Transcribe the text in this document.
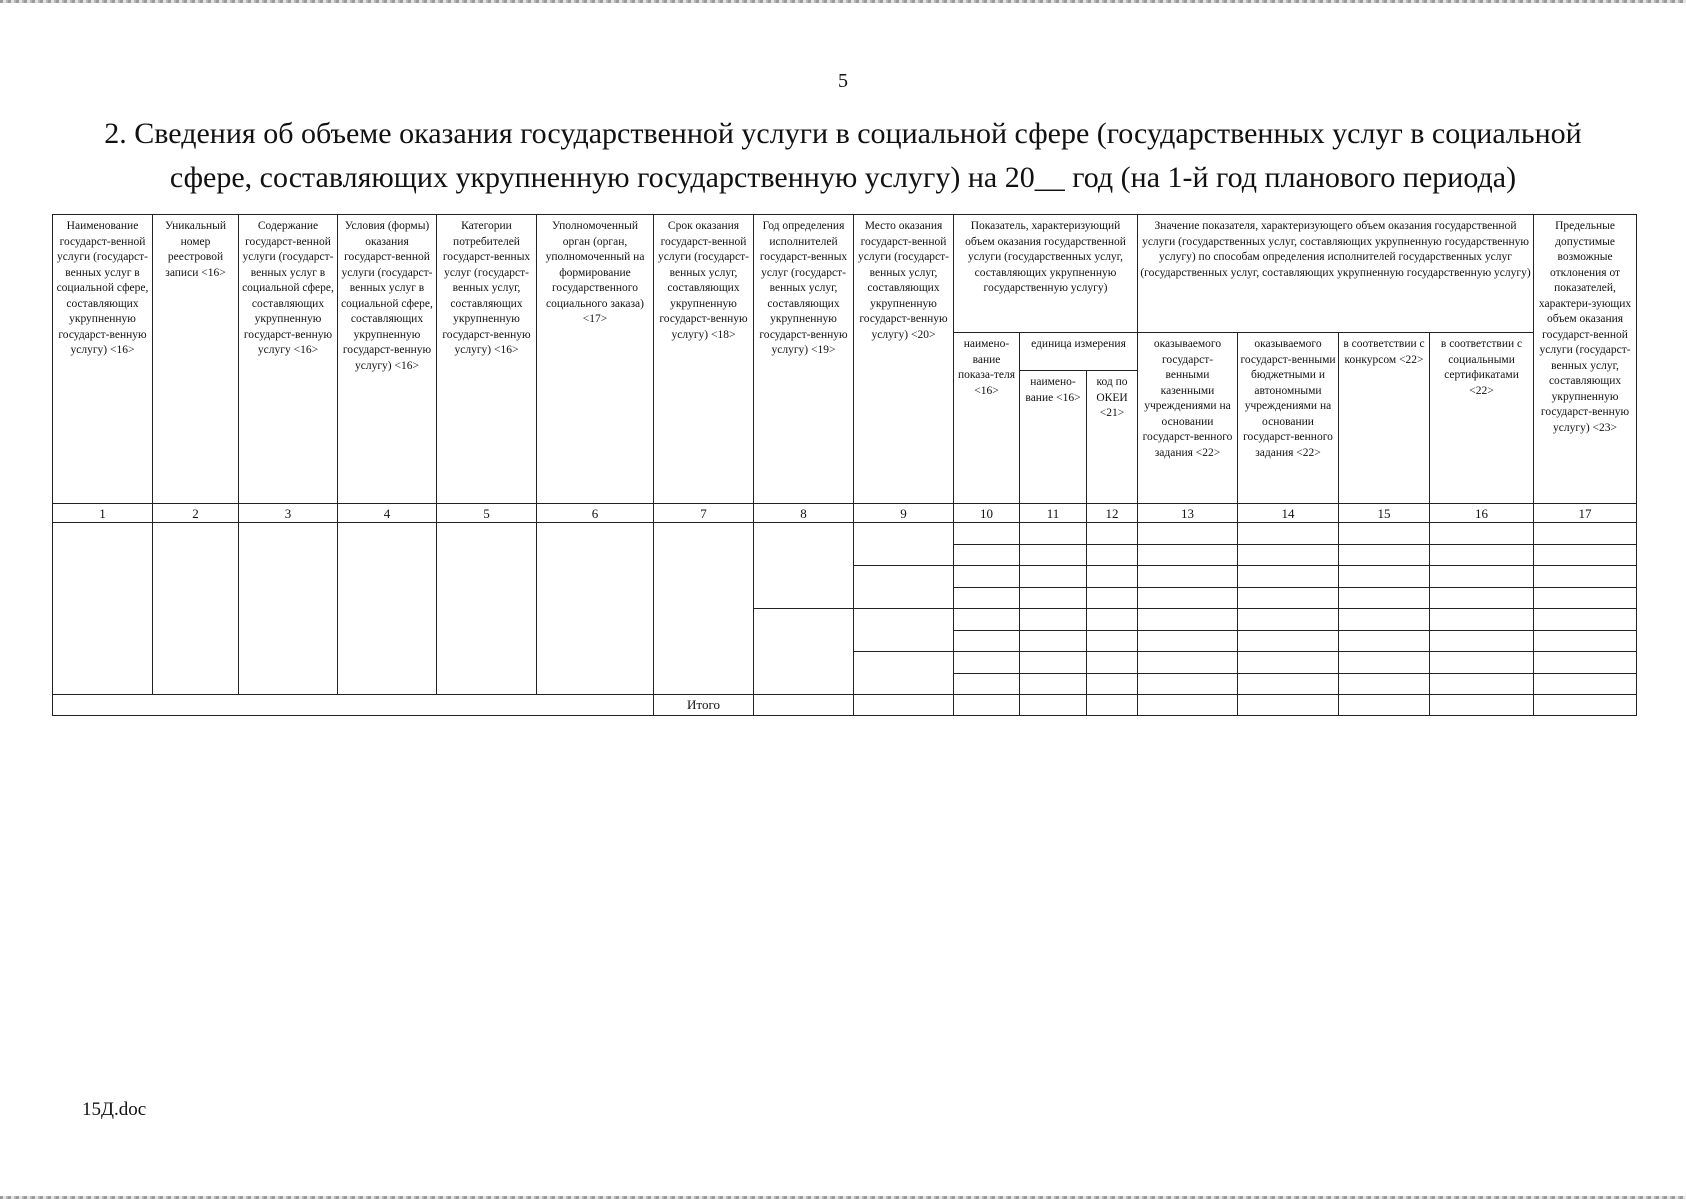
5
2. Сведения об объеме оказания государственной услуги в социальной сфере (государственных услуг в социальной сфере, составляющих укрупненную государственную услугу) на 20__ год (на 1-й год планового периода)
Наименование государст-венной услуги (государст-венных услуг в социальной сфере, составляющих укрупненную государст-венную услугу) <16>	Уникальный номер реестровой записи <16>	Содержание государст-венной услуги (государст-венных услуг в социальной сфере, составляющих укрупненную государст-венную услугу <16>	Условия (формы) оказания государст-венной услуги (государст-венных услуг в социальной сфере, составляющих укрупненную государст-венную услугу) <16>	Категории потребителей государст-венных услуг (государст-венных услуг, составляющих укрупненную государст-венную услугу) <16>	Уполномоченный орган (орган, уполномоченный на формирование государственного социального заказа) <17>	Срок оказания государст-венной услуги (государст-венных услуг, составляющих укрупненную государст-венную услугу) <18>	Год определения исполнителей государст-венных услуг (государст-венных услуг, составляющих укрупненную государст-венную услугу) <19>	Место оказания государст-венной услуги (государст-венных услуг, составляющих укрупненную государст-венную услугу) <20>	Показатель, характеризующий объем оказания государственной услуги (государственных услуг, составляющих укрупненную государственную услугу)			Значение показателя, характеризующего объем оказания государственной услуги (государственных услуг, составляющих укрупненную государственную услугу) по способам определения исполнителей государственных услуг (государственных услуг, составляющих укрупненную государственную услугу)				Предельные допустимые возможные отклонения от показателей, характери-зующих объем оказания государст-венной услуги (государст-венных услуг, составляющих укрупненную государст-венную услугу) <23>
									наимено-вание показа-теля <16>	единица измерения		оказываемого государст-венными казенными учреждениями на основании государст-венного задания <22>	оказываемого государст-венными бюджетными и автономными учреждениями на основании государст-венного задания <22>	в соответствии с конкурсом <22>	в соответствии с социальными сертификатами <22>	
										наимено-вание <16>	код по ОКЕИ <21>					
1	2	3	4	5	6	7	8	9	10	11	12	13	14	15	16	17

						Итого										
15Д.doc
